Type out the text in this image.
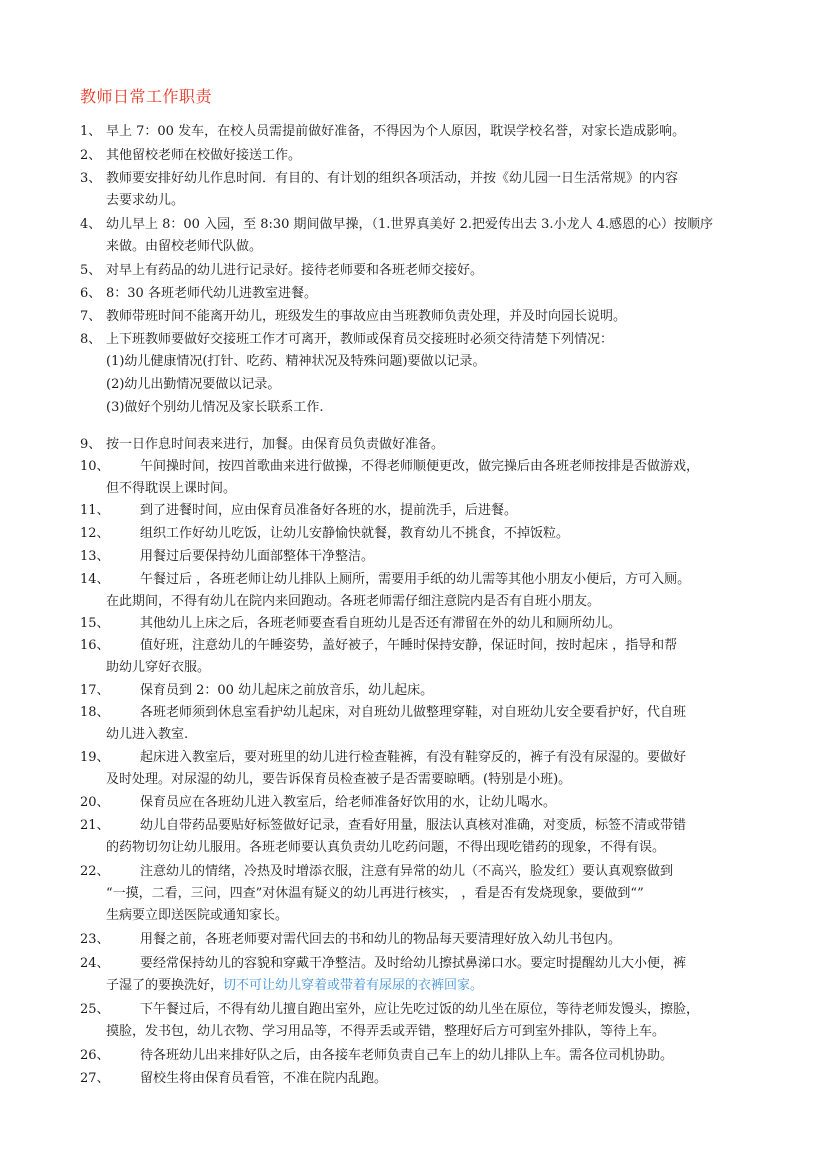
教师日常工作职责
1、 早上 7：00 发车，在校人员需提前做好准备，不得因为个人原因，耽误学校名誉，对家长造成影响。
2、 其他留校老师在校做好接送工作。
3、 教师要安排好幼儿作息时间．有目的、有计划的组织各项活动，并按《幼儿园一日生活常规》的内容
去要求幼儿。
4、 幼儿早上 8：00 入园，至 8:30 期间做早操，（1.世界真美好 2.把爱传出去 3.小龙人 4.感恩的心）按顺序
来做。由留校老师代队做。
5、 对早上有药品的幼儿进行记录好。接待老师要和各班老师交接好。
6、 8：30 各班老师代幼儿进教室进餐。
7、 教师带班时间不能离开幼儿，班级发生的事故应由当班教师负责处理，并及时向园长说明。
8、 上下班教师要做好交接班工作才可离开，教师或保育员交接班时必须交待清楚下列情况：
(1)幼儿健康情况(打针、吃药、精神状况及特殊问题)要做以记录。
(2)幼儿出勤情况要做以记录。
(3)做好个别幼儿情况及家长联系工作.
9、 按一日作息时间表来进行，加餐。由保育员负责做好准备。
10、 午间操时间，按四首歌曲来进行做操，不得老师顺便更改，做完操后由各班老师按排是否做游戏，
但不得耽误上课时间。
11、 到了进餐时间，应由保育员准备好各班的水，提前洗手，后进餐。
12、 组织工作好幼儿吃饭，让幼儿安静愉快就餐，教育幼儿不挑食，不掉饭粒。
13、 用餐过后要保持幼儿面部整体干净整洁。
14、 午餐过后 ，各班老师让幼儿排队上厕所，需要用手纸的幼儿需等其他小朋友小便后，方可入厕。
在此期间，不得有幼儿在院内来回跑动。各班老师需仔细注意院内是否有自班小朋友。
15、 其他幼儿上床之后，各班老师要查看自班幼儿是否还有滞留在外的幼儿和厕所幼儿。
16、 值好班，注意幼儿的午睡姿势，盖好被子，午睡时保持安静，保证时间，按时起床 ，指导和帮
助幼儿穿好衣服。
17、 保育员到 2：00 幼儿起床之前放音乐，幼儿起床。
18、 各班老师须到休息室看护幼儿起床，对自班幼儿做整理穿鞋，对自班幼儿安全要看护好，代自班
幼儿进入教室.
19、 起床进入教室后，要对班里的幼儿进行检查鞋裤，有没有鞋穿反的，裤子有没有尿湿的。要做好
及时处理。对尿湿的幼儿，要告诉保育员检查被子是否需要晾晒。(特别是小班)。
20、 保育员应在各班幼儿进入教室后，给老师准备好饮用的水，让幼儿喝水。
21、 幼儿自带药品要贴好标签做好记录，查看好用量，服法认真核对准确，对变质，标签不清或带错
的药物切勿让幼儿服用。各班老师要认真负责幼儿吃药问题，不得出现吃错药的现象，不得有误。
22、 注意幼儿的情绪，冷热及时增添衣服，注意有异常的幼儿（不高兴，脸发红）要认真观察做到
“一摸，二看，三问，四查”对休温有疑义的幼儿再进行核实， ，看是否有发烧现象，要做到“”
生病要立即送医院或通知家长。
23、 用餐之前，各班老师要对需代回去的书和幼儿的物品每天要清理好放入幼儿书包内。
24、 要经常保持幼儿的容貌和穿戴干净整洁。及时给幼儿擦拭鼻涕口水。要定时提醒幼儿大小便，裤
子湿了的要换洗好，切不可让幼儿穿着或带着有尿尿的衣裤回家。
25、 下午餐过后，不得有幼儿擅自跑出室外，应让先吃过饭的幼儿坐在原位，等待老师发馒头，擦脸，
摸脸，发书包，幼儿衣物、学习用品等，不得弄丢或弄错，整理好后方可到室外排队，等待上车。
26、 待各班幼儿出来排好队之后，由各接车老师负责自己车上的幼儿排队上车。需各位司机协助。
27、 留校生将由保育员看管，不准在院内乱跑。
